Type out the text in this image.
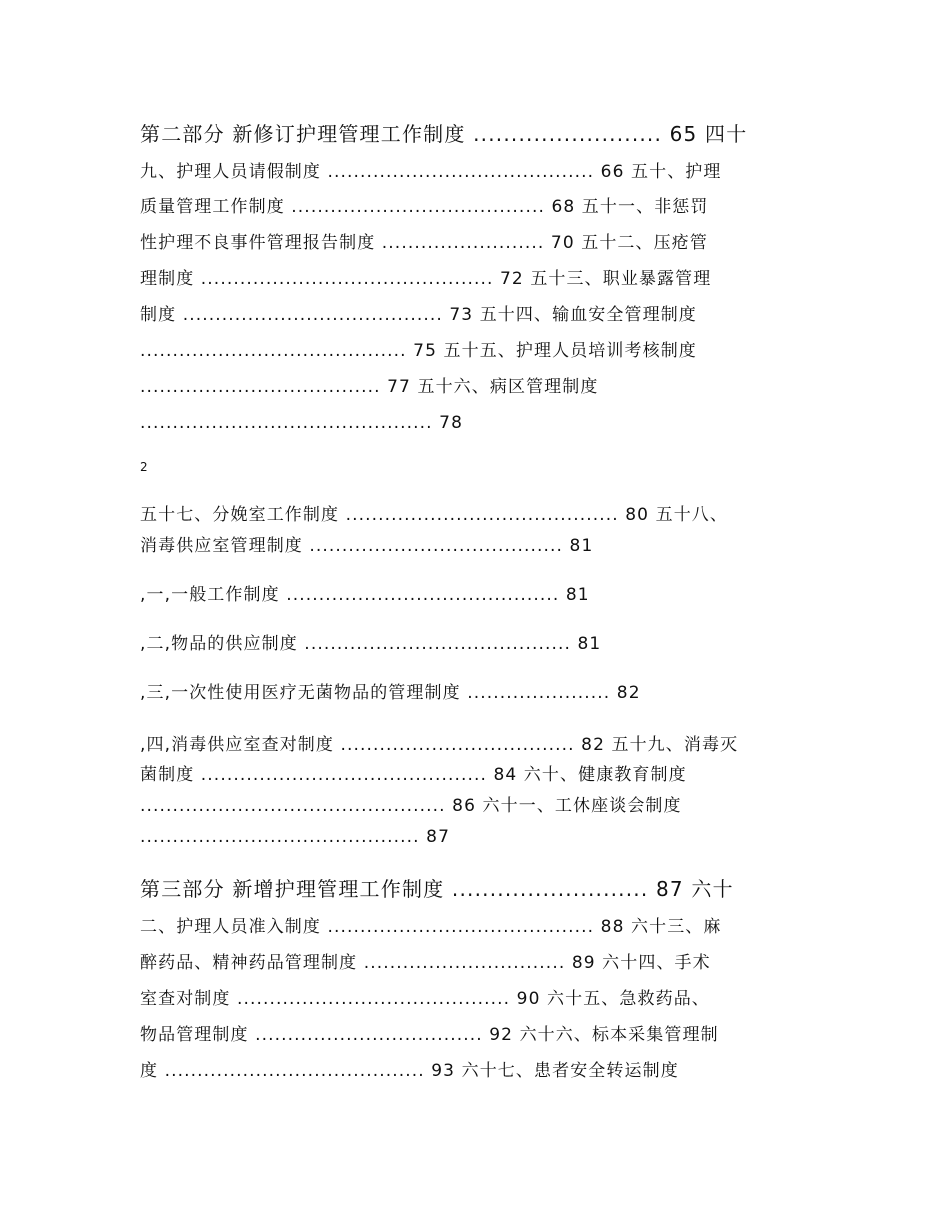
第二部分 新修订护理管理工作制度 ......................... 65 四十

九、护理人员请假制度 ......................................... 66 五十、护理

质量管理工作制度 ....................................... 68 五十一、非惩罚

性护理不良事件管理报告制度 ......................... 70 五十二、压疮管

理制度 ............................................. 72 五十三、职业暴露管理

制度 ........................................ 73 五十四、输血安全管理制度

......................................... 75 五十五、护理人员培训考核制度

..................................... 77 五十六、病区管理制度

............................................. 78

2

五十七、分娩室工作制度 .......................................... 80 五十八、

消毒供应室管理制度 ....................................... 81

,一,一般工作制度 .......................................... 81

,二,物品的供应制度 ......................................... 81

,三,一次性使用医疗无菌物品的管理制度 ...................... 82

,四,消毒供应室查对制度 .................................... 82 五十九、消毒灭

菌制度 ............................................ 84 六十、健康教育制度

............................................... 86 六十一、工休座谈会制度

........................................... 87

第三部分 新增护理管理工作制度 .......................... 87 六十

二、护理人员准入制度 ......................................... 88 六十三、麻

醉药品、精神药品管理制度 ............................... 89 六十四、手术

室查对制度 .......................................... 90 六十五、急救药品、

物品管理制度 ................................... 92 六十六、标本采集管理制

度 ........................................ 93 六十七、患者安全转运制度
